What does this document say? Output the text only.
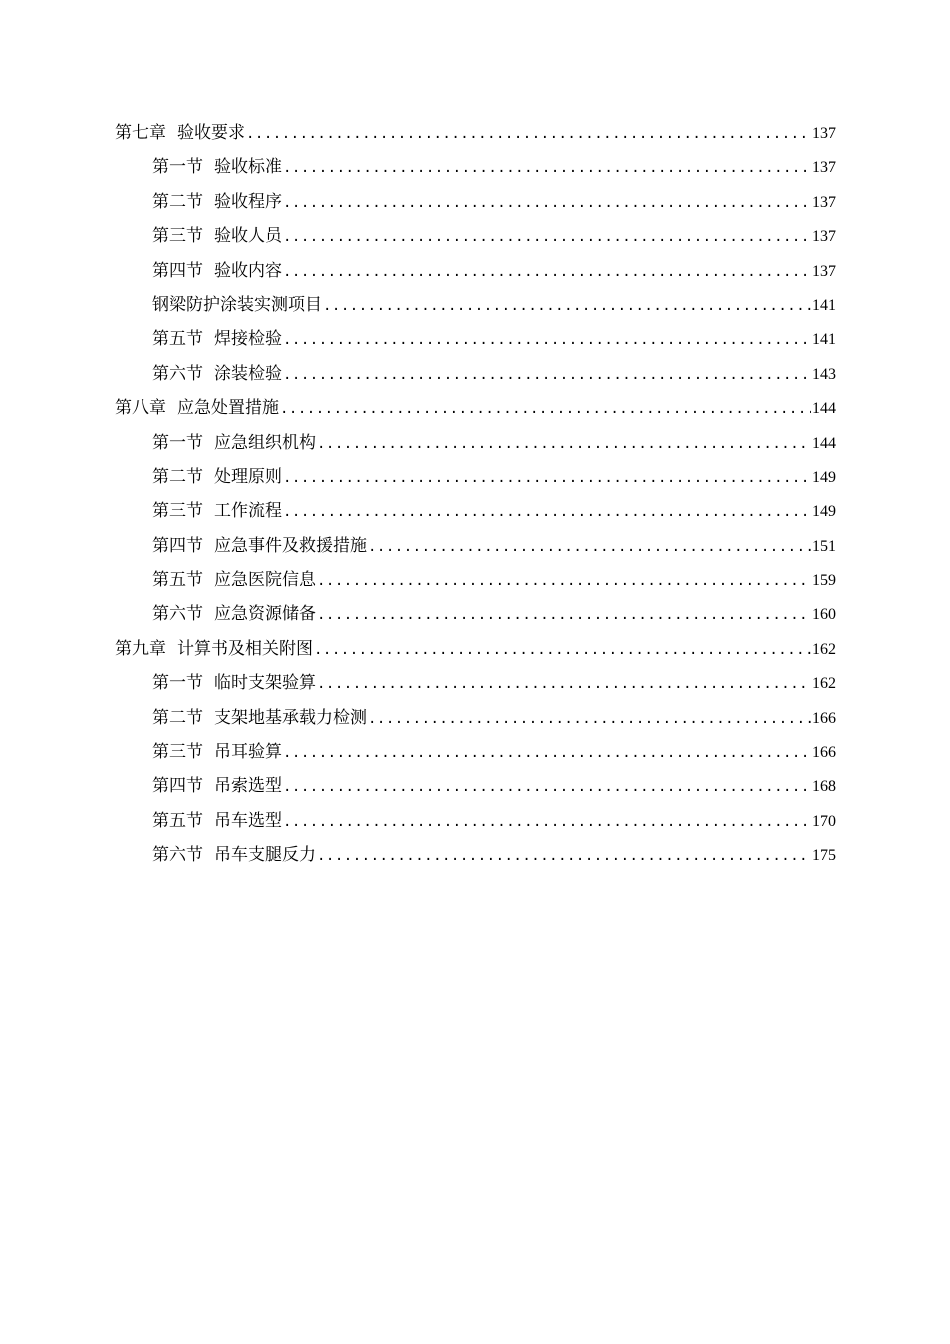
第七章 验收要求 .....	137
第一节 验收标准 .....	137
第二节 验收程序 .....	137
第三节 验收人员 .....	137
第四节 验收内容 .....	137
钢梁防护涂装实测项目 .....	141
第五节 焊接检验 .....	141
第六节 涂装检验 .....	143
第八章 应急处置措施 .....	144
第一节 应急组织机构 .....	144
第二节 处理原则 .....	149
第三节 工作流程 .....	149
第四节 应急事件及救援措施 .....	151
第五节 应急医院信息 .....	159
第六节 应急资源储备 .....	160
第九章 计算书及相关附图 .....	162
第一节 临时支架验算 .....	162
第二节 支架地基承载力检测 .....	166
第三节 吊耳验算 .....	166
第四节 吊索选型 .....	168
第五节 吊车选型 .....	170
第六节 吊车支腿反力 .....	175
